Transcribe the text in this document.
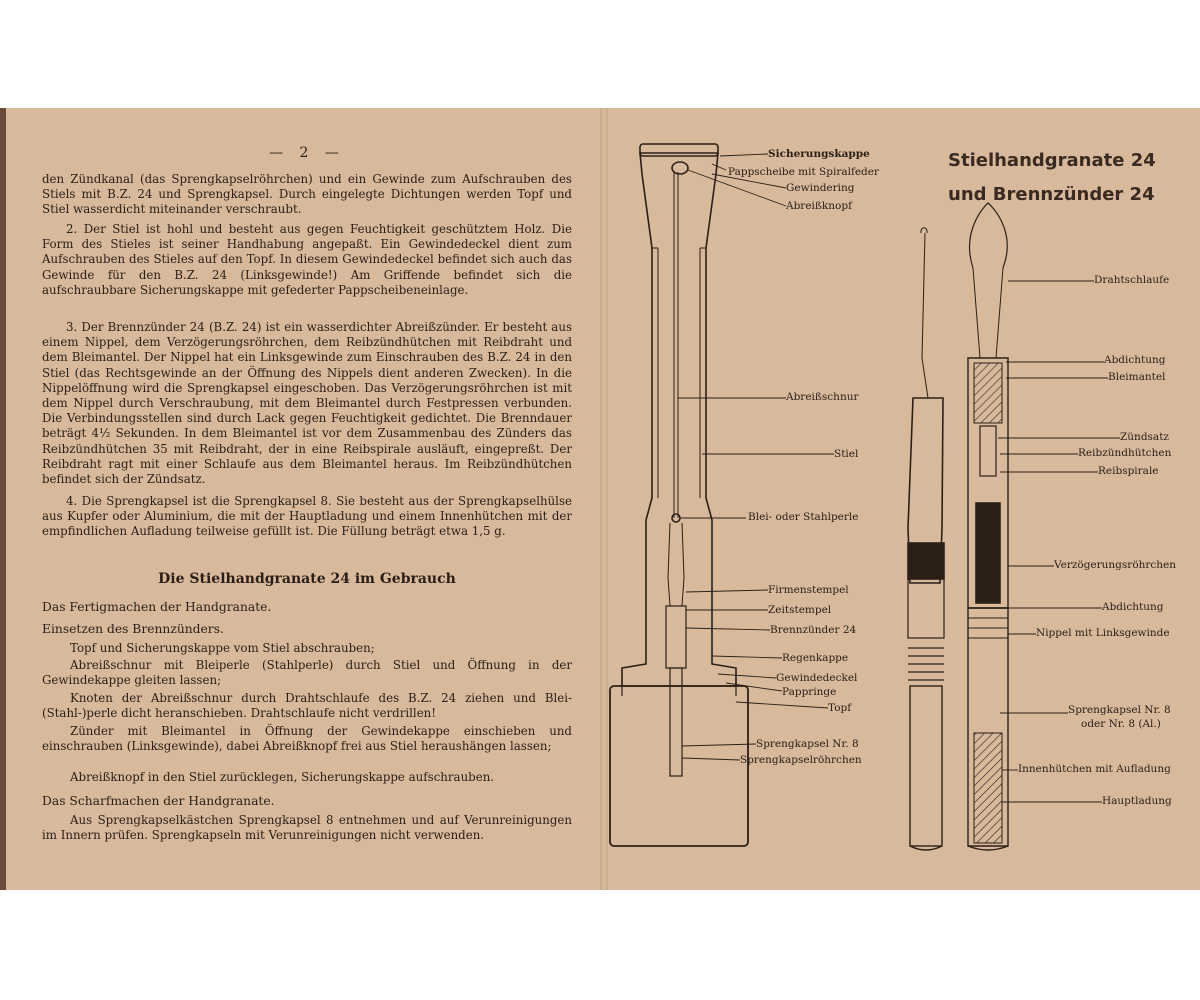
— 2 —

den Zündkanal (das Sprengkapselröhrchen) und ein Gewinde zum Aufschrauben des Stiels mit B.Z. 24 und Sprengkapsel. Durch eingelegte Dichtungen werden Topf und Stiel wasserdicht miteinander verschraubt.

2. Der Stiel ist hohl und besteht aus gegen Feuchtigkeit geschütztem Holz. Die Form des Stieles ist seiner Handhabung angepaßt. Ein Gewindedeckel dient zum Aufschrauben des Stieles auf den Topf. In diesem Gewindedeckel befindet sich auch das Gewinde für den B.Z. 24 (Linksgewinde!) Am Griffende befindet sich die aufschraubbare Sicherungskappe mit gefederter Pappscheibeneinlage.

3. Der Brennzünder 24 (B.Z. 24) ist ein wasserdichter Abreißzünder. Er besteht aus einem Nippel, dem Verzögerungsröhrchen, dem Reibzündhütchen mit Reibdraht und dem Bleimantel. Der Nippel hat ein Linksgewinde zum Einschrauben des B.Z. 24 in den Stiel (das Rechtsgewinde an der Öffnung des Nippels dient anderen Zwecken). In die Nippelöffnung wird die Sprengkapsel eingeschoben. Das Verzögerungsröhrchen ist mit dem Nippel durch Verschraubung, mit dem Bleimantel durch Festpressen verbunden. Die Verbindungsstellen sind durch Lack gegen Feuchtigkeit gedichtet. Die Brenndauer beträgt 4½ Sekunden. In dem Bleimantel ist vor dem Zusammenbau des Zünders das Reibzündhütchen 35 mit Reibdraht, der in eine Reibspirale ausläuft, eingepreßt. Der Reibdraht ragt mit einer Schlaufe aus dem Bleimantel heraus. Im Reibzündhütchen befindet sich der Zündsatz.

4. Die Sprengkapsel ist die Sprengkapsel 8. Sie besteht aus der Sprengkapselhülse aus Kupfer oder Aluminium, die mit der Hauptladung und einem Innenhütchen mit der empfindlichen Aufladung teilweise gefüllt ist. Die Füllung beträgt etwa 1,5 g.

Die Stielhandgranate 24 im Gebrauch
Das Fertigmachen der Handgranate.
Einsetzen des Brennzünders.

Topf und Sicherungskappe vom Stiel abschrauben;

Abreißschnur mit Bleiperle (Stahlperle) durch Stiel und Öffnung in der Gewindekappe gleiten lassen;

Knoten der Abreißschnur durch Drahtschlaufe des B.Z. 24 ziehen und Blei-(Stahl-)perle dicht heranschieben. Drahtschlaufe nicht verdrillen!

Zünder mit Bleimantel in Öffnung der Gewindekappe einschieben und einschrauben (Linksgewinde), dabei Abreißknopf frei aus Stiel heraushängen lassen;

Abreißknopf in den Stiel zurücklegen, Sicherungskappe aufschrauben.

Das Scharfmachen der Handgranate.

Aus Sprengkapselkästchen Sprengkapsel 8 entnehmen und auf Verunreinigungen im Innern prüfen. Sprengkapseln mit Verunreinigungen nicht verwenden.

Stielhandgranate 24
und Brennzünder 24
Sicherungskappe
Pappscheibe mit Spiralfeder
Gewindering
Abreißknopf
Abreißschnur
Stiel
Blei- oder Stahlperle
Firmenstempel
Zeitstempel
Brennzünder 24
Regenkappe
Gewindedeckel
Pappringe
Topf
Sprengkapsel Nr. 8
Sprengkapselröhrchen
Drahtschlaufe
Abdichtung
Bleimantel
Zündsatz
Reibzündhütchen
Reibspirale
Verzögerungsröhrchen
Abdichtung
Nippel mit Linksgewinde
Sprengkapsel Nr. 8
oder Nr. 8 (Al.)
Innenhütchen mit Aufladung
Hauptladung
